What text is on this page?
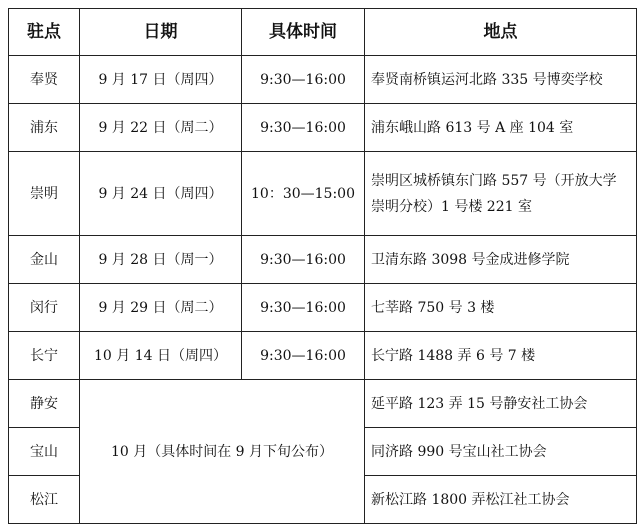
驻点	日期	具体时间	地点
奉贤	9 月 17 日（周四）	9:30—16:00	奉贤南桥镇运河北路 335 号博奕学校
浦东	9 月 22 日（周二）	9:30—16:00	浦东峨山路 613 号 A 座 104 室
崇明	9 月 24 日（周四）	10：30—15:00	崇明区城桥镇东门路 557 号（开放大学崇明分校）1 号楼 221 室
金山	9 月 28 日（周一）	9:30—16:00	卫清东路 3098 号金成进修学院
闵行	9 月 29 日（周二）	9:30—16:00	七莘路 750 号 3 楼
长宁	10 月 14 日（周四）	9:30—16:00	长宁路 1488 弄 6 号 7 楼
静安	10 月（具体时间在 9 月下旬公布）		延平路 123 弄 15 号静安社工协会
宝山			同济路 990 号宝山社工协会
松江			新松江路 1800 弄松江社工协会
